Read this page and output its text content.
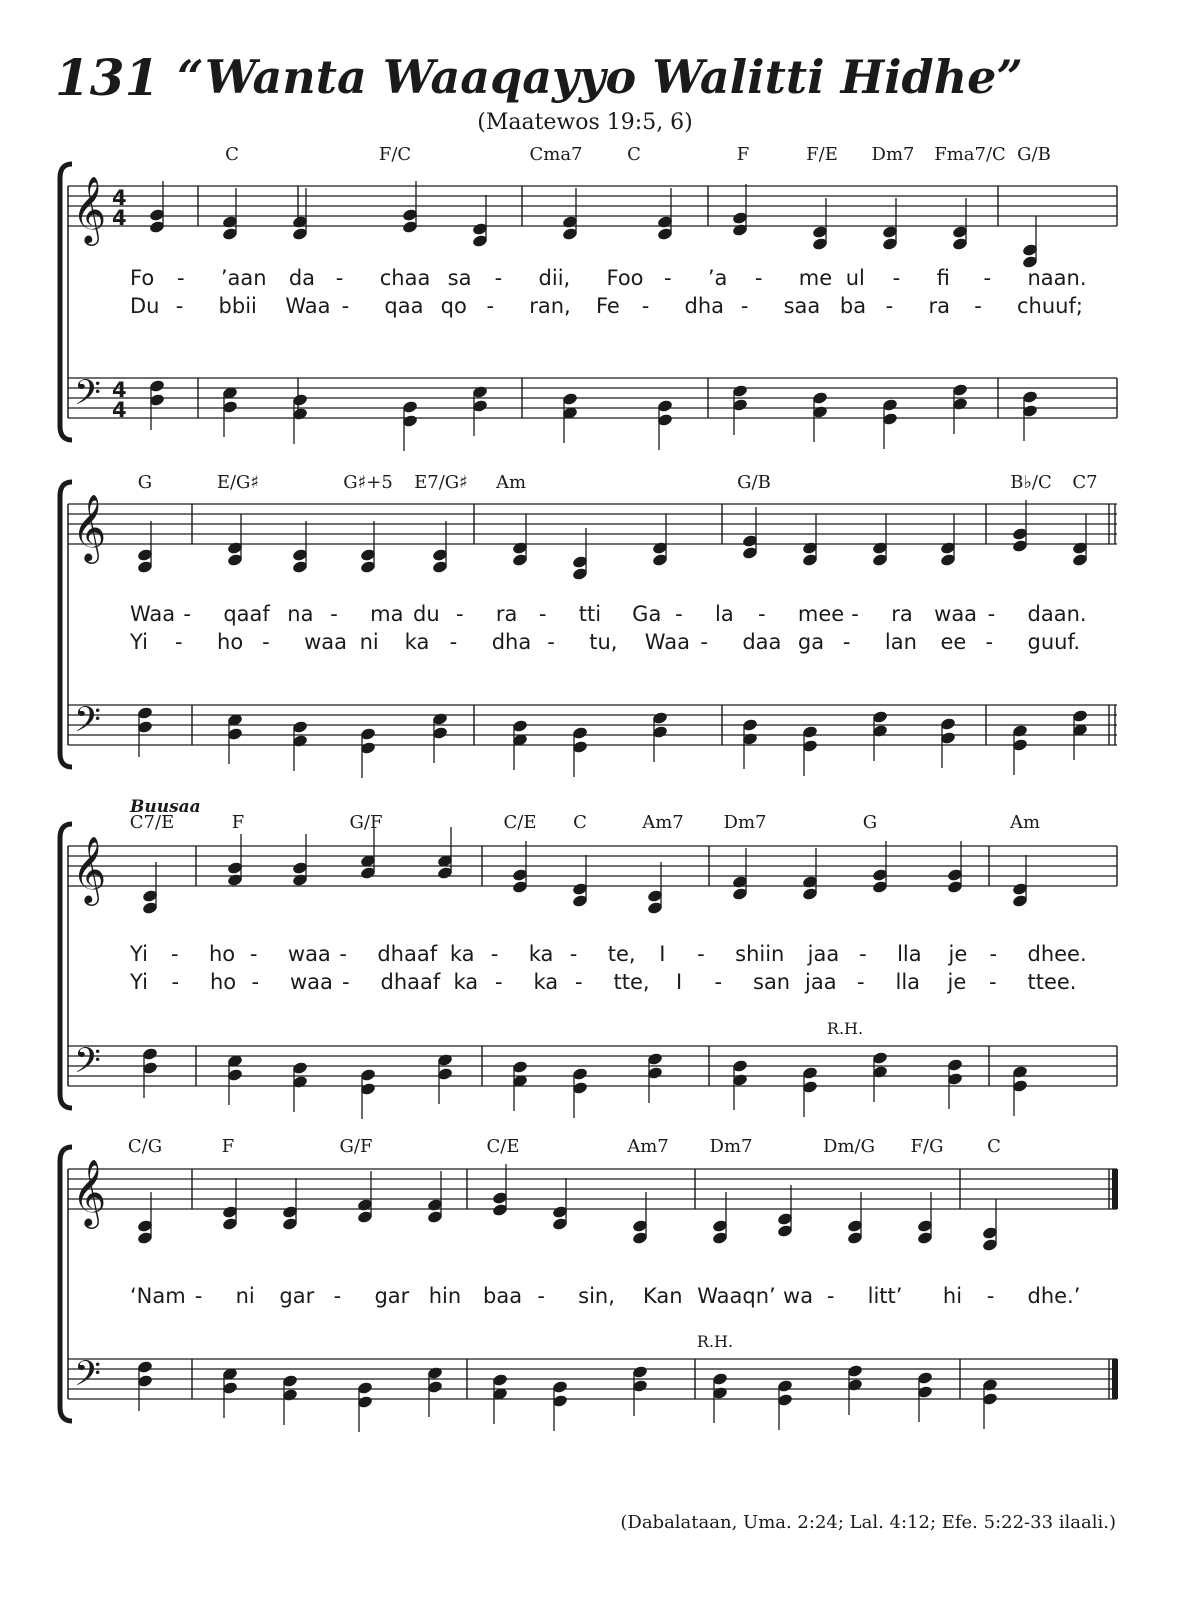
131 “Wanta Waaqayyo Walitti Hidhe”
(Maatewos 19:5, 6)
𝄞
𝄢
4
4
4
4
C	F/C	Cma7 C	F	F/E Dm7 Fma7/C G/B
𝄞
𝄢
G	E/G♯	G♯+5 E7/G♯ Am	G/B	B♭/C C7
𝄞
𝄢
C7/E	F	G/F	C/E C	Am7 Dm7	G	Am
Buusaa
R.H.
𝄞
𝄢
C/G	F	G/F	C/E	Am7 Dm7	Dm/G F/G C
R.H.
Fo - ’aan da - chaa sa - dii, Foo - ’a - me ul - fi - naan.
Du - bbii Waa - qaa qo - ran, Fe - dha - saa ba - ra - chuuf;
Waa - qaaf na - ma du - ra - tti Ga - la - mee - ra waa - daan.
Yi - ho - waa ni ka - dha - tu, Waa - daa ga - lan ee - guuf.
Yi - ho - waa - dhaaf ka - ka - te, I - shiin jaa - lla je - dhee.
Yi - ho - waa - dhaaf ka - ka - tte, I - san jaa - lla je - ttee.
‘Nam - ni gar - gar hin baa - sin, Kan Waaqn’ wa - litt’ hi - dhe.’
(Dabalataan, Uma. 2:24; Lal. 4:12; Efe. 5:22-33 ilaali.)
